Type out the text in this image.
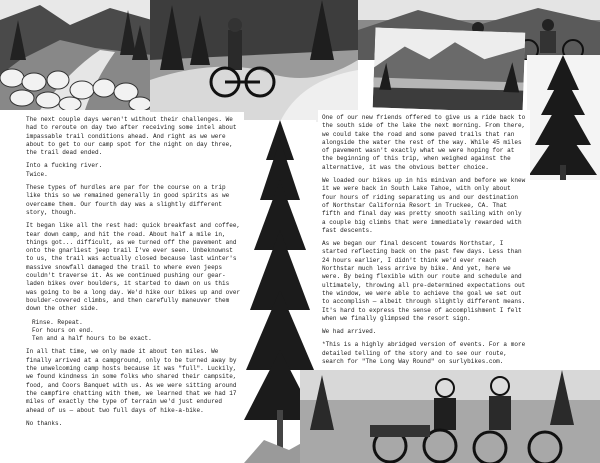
The next couple days weren't without their challenges. We had to reroute on day two after receiving some intel about impassable trail conditions ahead. And right as we were about to get to our camp spot for the night on day three, the trail dead ended.

Into a fucking river.

Twice.

These types of hurdles are par for the course on a trip like this so we remained generally in good spirits as we overcame them. Our fourth day was a slightly different story, though.

It began like all the rest had: quick breakfast and coffee, tear down camp, and hit the road. About half a mile in, things got... difficult, as we turned off the pavement and onto the gnarliest jeep trail I've ever seen. Unbeknownst to us, the trail was actually closed because last winter's massive snowfall damaged the trail to where even jeeps couldn't traverse it. As we continued pushing our gear-laden bikes over boulders, it started to dawn on us this was going to be a long day. We'd hike our bikes up and over boulder-covered climbs, and then carefully maneuver them down the other side.

Rinse. Repeat.

For hours on end.

Ten and a half hours to be exact.

In all that time, we only made it about ten miles. We finally arrived at a campground, only to be turned away by the unwelcoming camp hosts because it was "full". Luckily, we found kindness in some folks who shared their campsite, food, and Coors Banquet with us. As we were sitting around the campfire chatting with them, we learned that we had 17 miles of exactly the type of terrain we'd just endured ahead of us — about two full days of hike-a-bike.

No thanks.

One of our new friends offered to give us a ride back to the south side of the lake the next morning. From there, we could take the road and some paved trails that ran alongside the water the rest of the way. While 45 miles of pavement wasn't exactly what we were hoping for at the beginning of this trip, when weighed against the alternative, it was the obvious better choice.

We loaded our bikes up in his minivan and before we knew it we were back in South Lake Tahoe, with only about four hours of riding separating us and our destination of Northstar California Resort in Truckee, CA. That fifth and final day was pretty smooth sailing with only a couple big climbs that were immediately rewarded with fast descents.

As we began our final descent towards Northstar, I started reflecting back on the past few days. Less than 24 hours earlier, I didn't think we'd ever reach Northstar much less arrive by bike. And yet, here we were. By being flexible with our route and schedule and ultimately, throwing all pre-determined expectations out the window, we were able to achieve the goal we set out to accomplish — albeit through slightly different means. It's hard to express the sense of accomplishment I felt when we finally glimpsed the resort sign.

We had arrived.

*This is a highly abridged version of events. For a more detailed telling of the story and to see our route, search for "The Long Way Round" on surlybikes.com.
